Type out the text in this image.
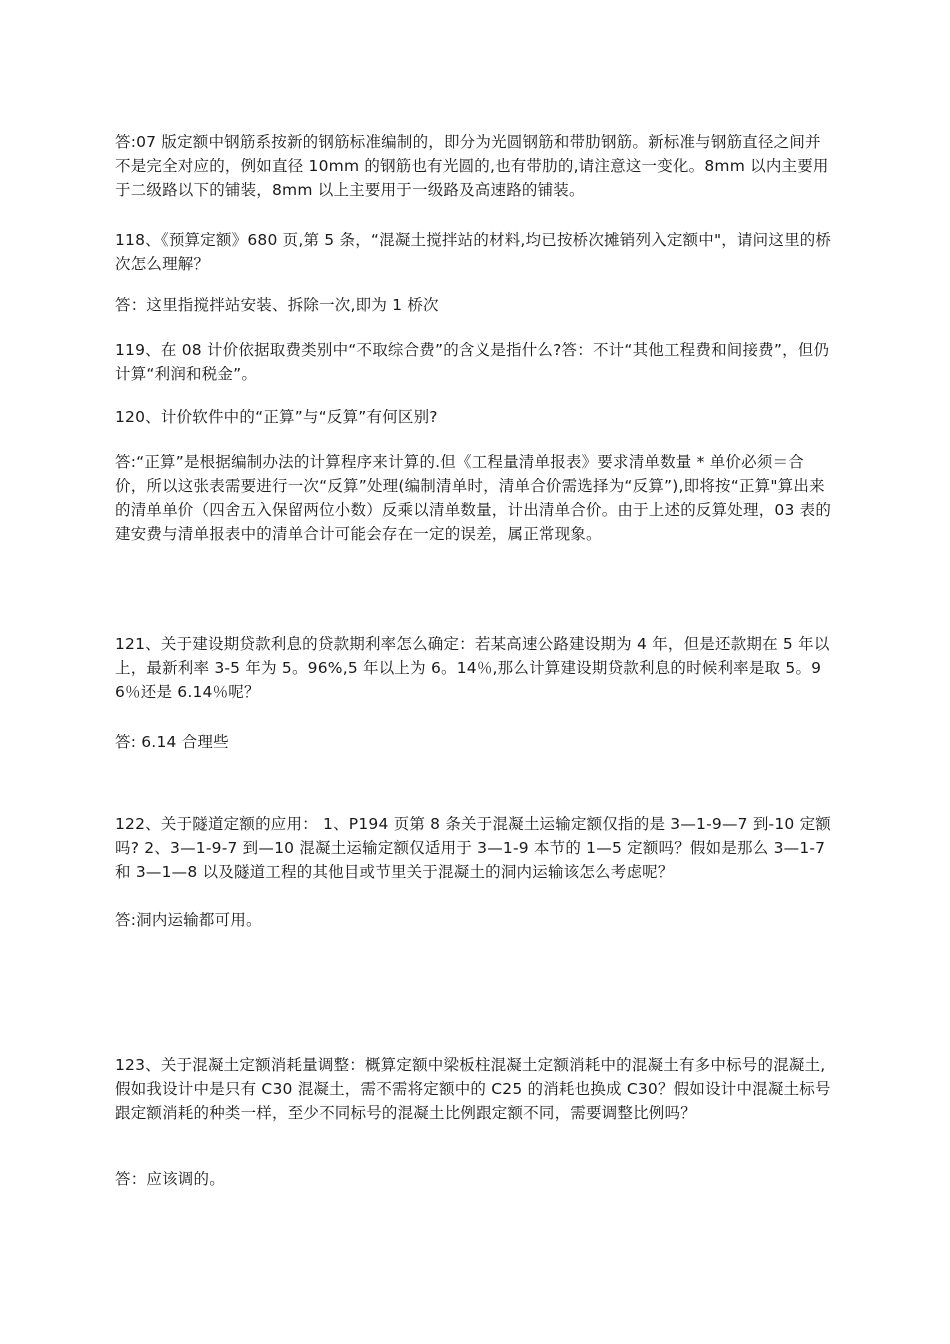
答:07 版定额中钢筋系按新的钢筋标准编制的，即分为光圆钢筋和带肋钢筋。新标准与钢筋直径之间并不是完全对应的，例如直径 10mm 的钢筋也有光圆的,也有带肋的,请注意这一变化。8mm 以内主要用于二级路以下的铺装，8mm 以上主要用于一级路及高速路的铺装。

118、《预算定额》680 页,第 5 条，“混凝土搅拌站的材料,均已按桥次摊销列入定额中"，请问这里的桥次怎么理解？

答：这里指搅拌站安装、拆除一次,即为 1 桥次

119、在 08 计价依据取费类别中“不取综合费”的含义是指什么?答：不计“其他工程费和间接费”，但仍计算“利润和税金”。

120、计价软件中的“正算”与“反算”有何区别?

答:“正算”是根据编制办法的计算程序来计算的.但《工程量清单报表》要求清单数量 * 单价必须＝合价，所以这张表需要进行一次“反算”处理(编制清单时，清单合价需选择为“反算”),即将按“正算"算出来的清单单价（四舍五入保留两位小数）反乘以清单数量，计出清单合价。由于上述的反算处理，03 表的建安费与清单报表中的清单合计可能会存在一定的误差，属正常现象。

121、关于建设期贷款利息的贷款期利率怎么确定：若某高速公路建设期为 4 年，但是还款期在 5 年以上，最新利率 3-5 年为 5。96%,5 年以上为 6。14％,那么计算建设期贷款利息的时候利率是取 5。96％还是 6.14％呢？

答: 6.14 合理些

122、关于隧道定额的应用： 1、P194 页第 8 条关于混凝土运输定额仅指的是 3—1-9—7 到-10 定额吗? 2、3—1-9-7 到—10 混凝土运输定额仅适用于 3—1-9 本节的 1—5 定额吗？假如是那么 3—1-7 和 3—1—8 以及隧道工程的其他目或节里关于混凝土的洞内运输该怎么考虑呢？

答:洞内运输都可用。

123、关于混凝土定额消耗量调整：概算定额中梁板柱混凝土定额消耗中的混凝土有多中标号的混凝土,假如我设计中是只有 C30 混凝土，需不需将定额中的 C25 的消耗也换成 C30？假如设计中混凝土标号跟定额消耗的种类一样，至少不同标号的混凝土比例跟定额不同，需要调整比例吗？

答：应该调的。
